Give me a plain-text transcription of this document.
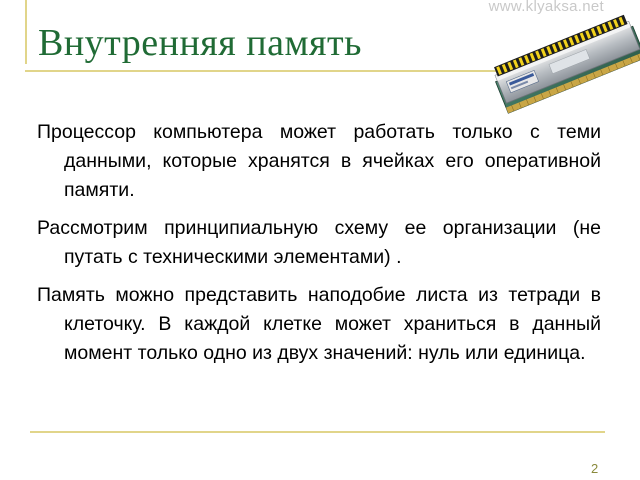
Внутренняя память
www.klyaksa.net

Процессор компьютера может работать только с теми данными, которые хранятся в ячейках его оперативной памяти.

Рассмотрим принципиальную схему ее организации (не путать с техническими элементами) .

Память можно представить наподобие листа из тетради в клеточку. В каждой клетке может храниться в данный момент только одно из двух значений: нуль или единица.

2
